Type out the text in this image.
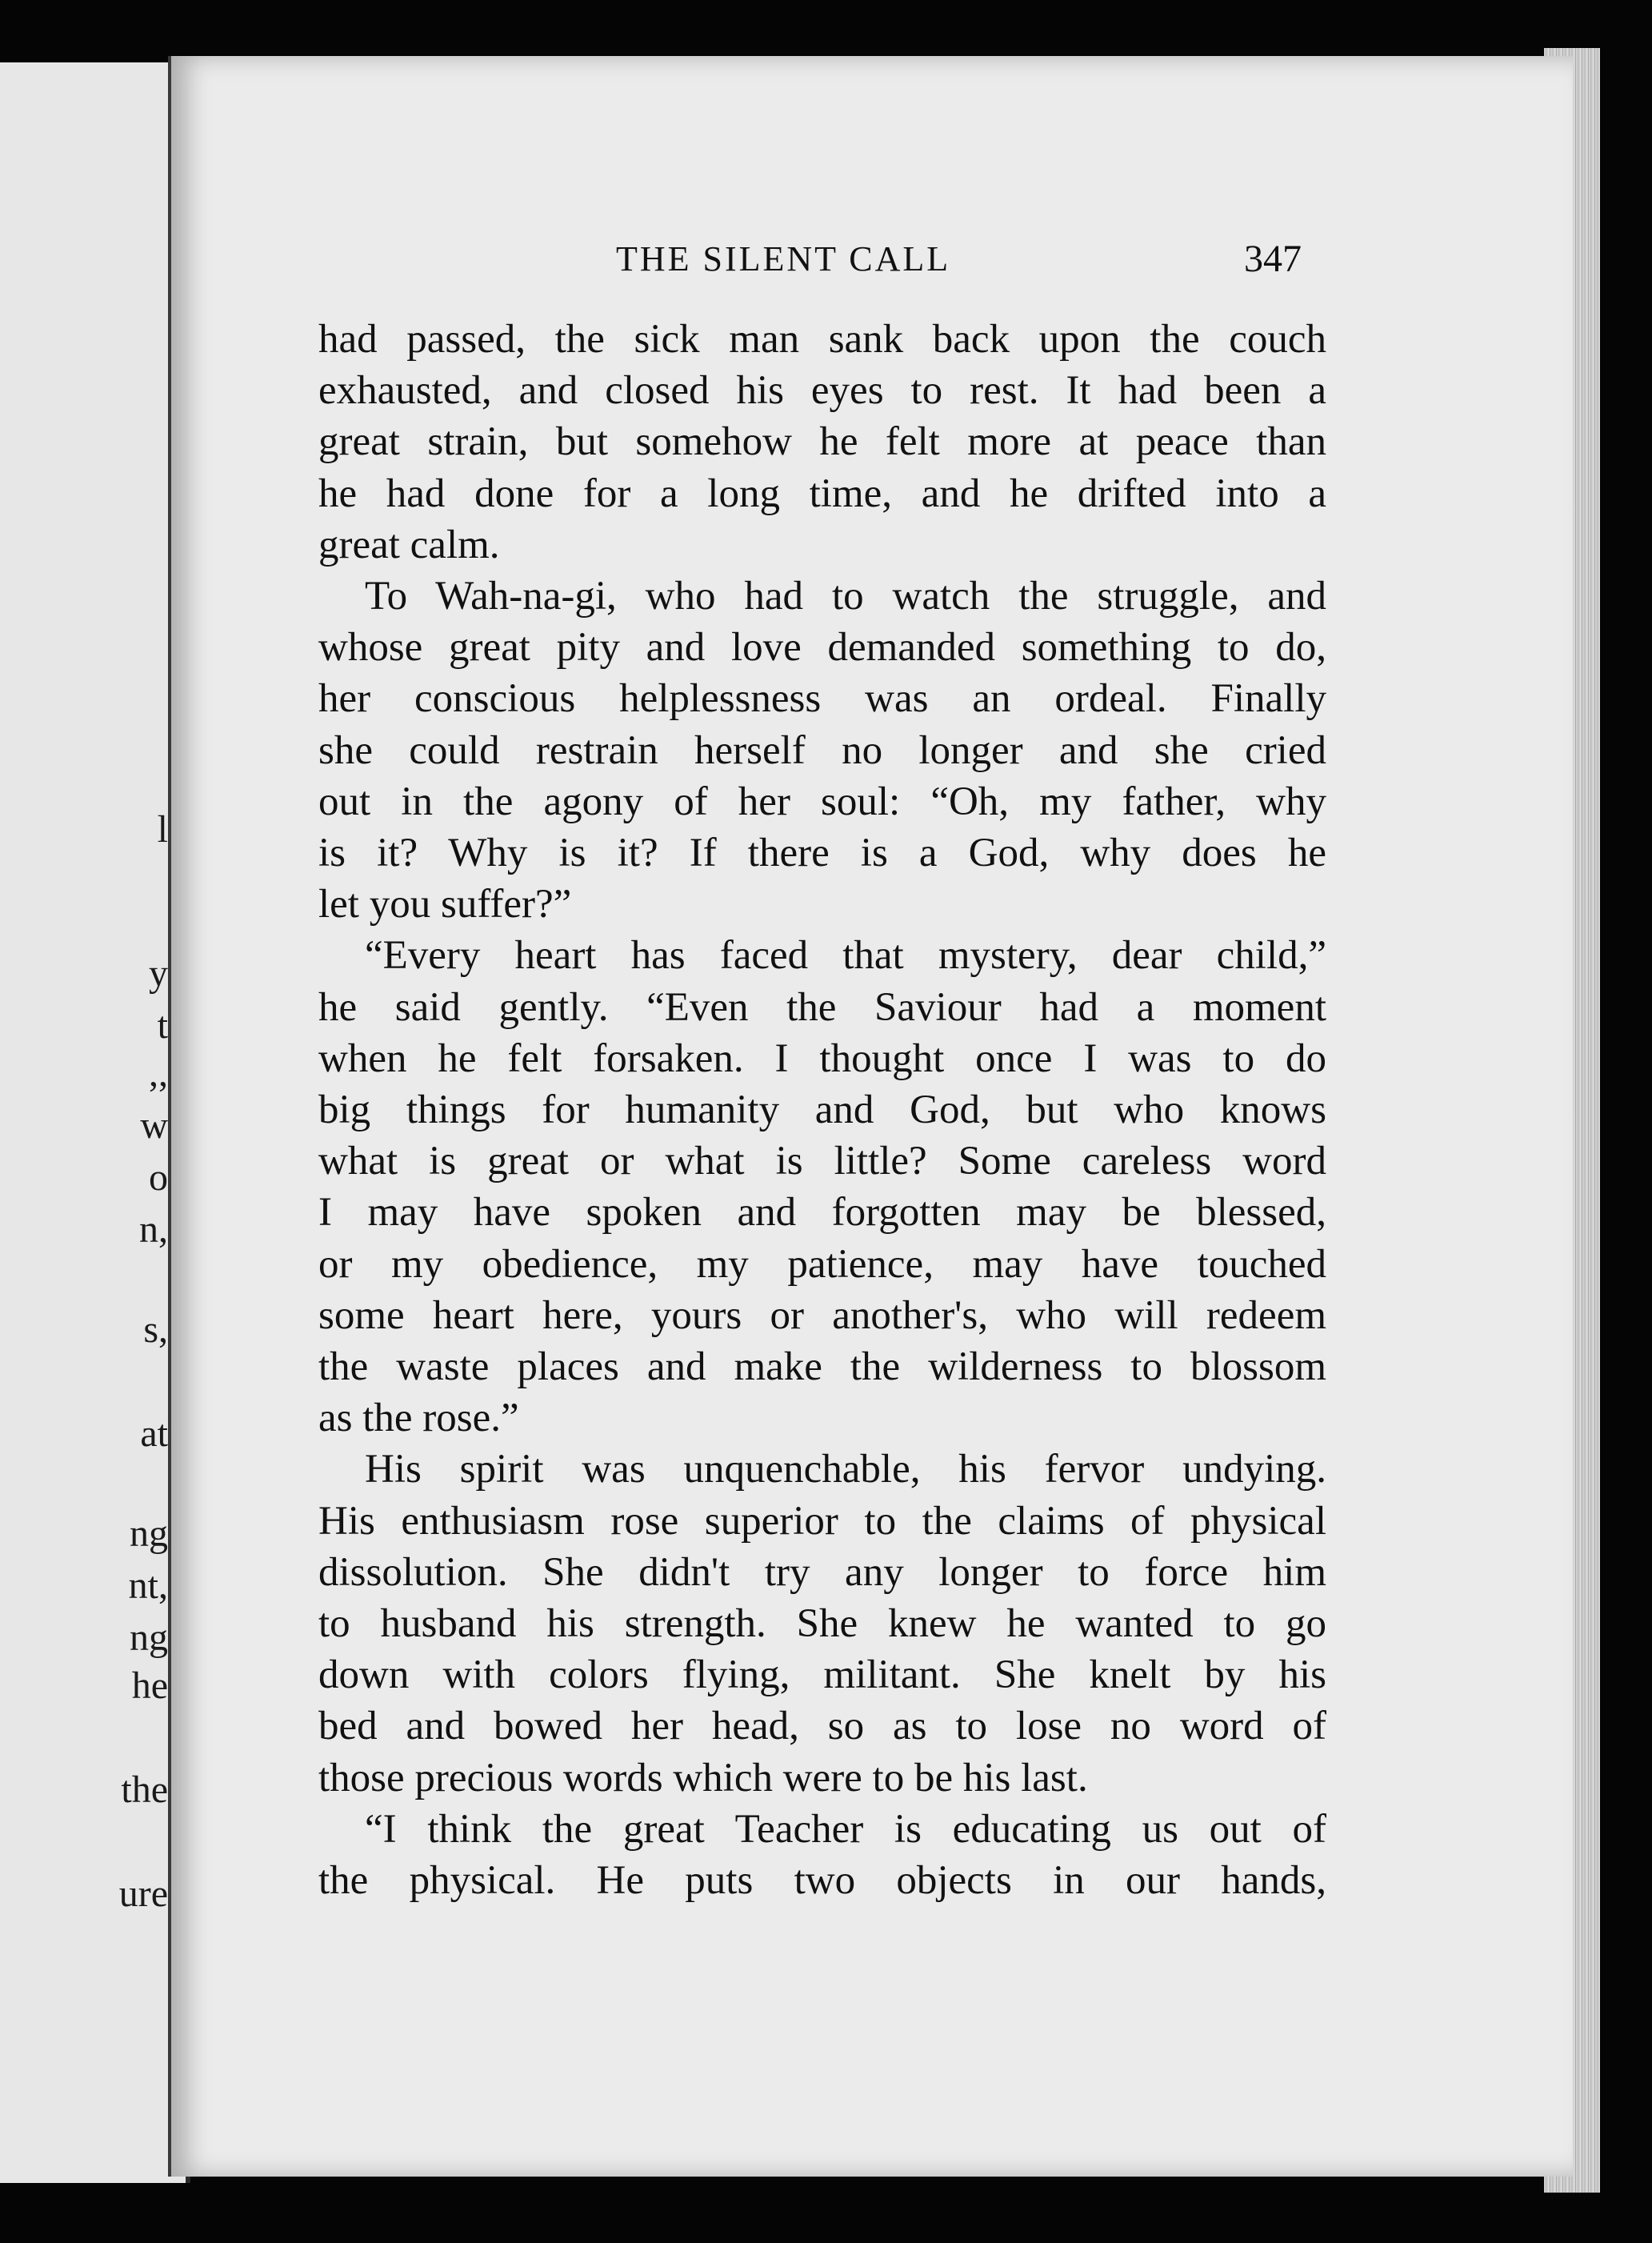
l
y
t
,,
w
o
n,
s,
at
ng
nt,
ng
he
the
ure
THE SILENT CALL	347
had passed, the sick man sank back upon the couch
exhausted, and closed his eyes to rest. It had been a
great strain, but somehow he felt more at peace than
he had done for a long time, and he drifted into a
great calm.
To Wah-na-gi, who had to watch the struggle, and
whose great pity and love demanded something to do,
her conscious helplessness was an ordeal. Finally
she could restrain herself no longer and she cried
out in the agony of her soul: “Oh, my father, why
is it? Why is it? If there is a God, why does he
let you suffer?”
“Every heart has faced that mystery, dear child,”
he said gently. “Even the Saviour had a moment
when he felt forsaken. I thought once I was to do
big things for humanity and God, but who knows
what is great or what is little? Some careless word
I may have spoken and forgotten may be blessed,
or my obedience, my patience, may have touched
some heart here, yours or another's, who will redeem
the waste places and make the wilderness to blossom
as the rose.”
His spirit was unquenchable, his fervor undying.
His enthusiasm rose superior to the claims of physical
dissolution. She didn't try any longer to force him
to husband his strength. She knew he wanted to go
down with colors flying, militant. She knelt by his
bed and bowed her head, so as to lose no word of
those precious words which were to be his last.
“I think the great Teacher is educating us out of
the physical. He puts two objects in our hands,
